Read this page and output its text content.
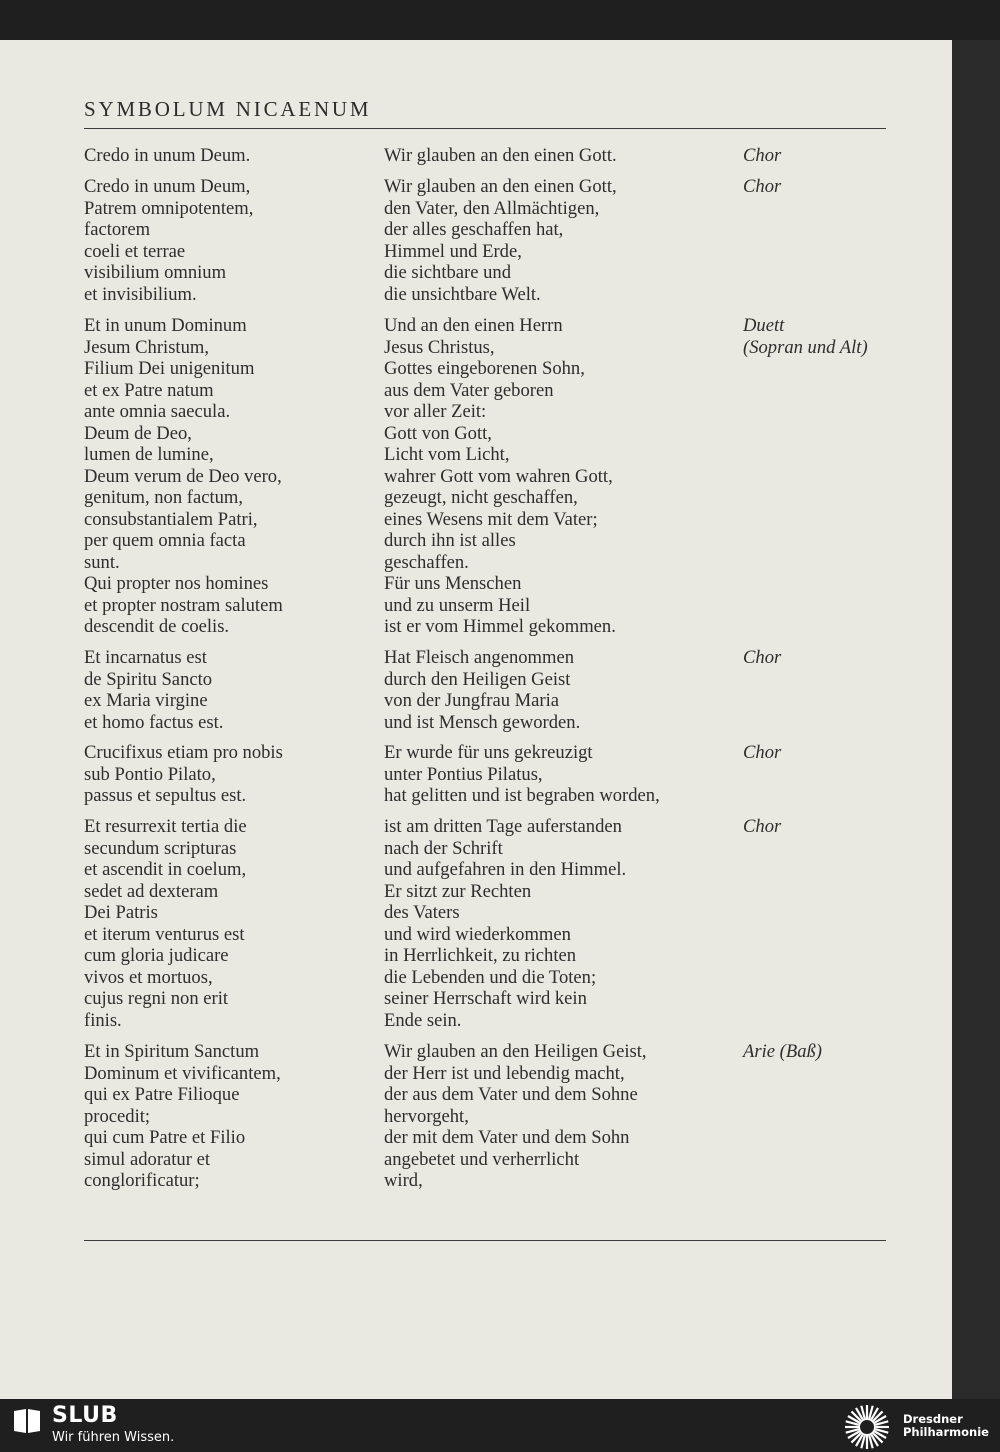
SYMBOLUM NICAENUM
Credo in unum Deum.	Wir glauben an den einen Gott.	Chor
Credo in unum Deum,
Patrem omnipotentem,
factorem
coeli et terrae
visibilium omnium
et invisibilium.
Wir glauben an den einen Gott,
den Vater, den Allmächtigen,
der alles geschaffen hat,
Himmel und Erde,
die sichtbare und
die unsichtbare Welt.
Chor
Et in unum Dominum
Jesum Christum,
Filium Dei unigenitum
et ex Patre natum
ante omnia saecula.
Deum de Deo,
lumen de lumine,
Deum verum de Deo vero,
genitum, non factum,
consubstantialem Patri,
per quem omnia facta
sunt.
Qui propter nos homines
et propter nostram salutem
descendit de coelis.
Und an den einen Herrn
Jesus Christus,
Gottes eingeborenen Sohn,
aus dem Vater geboren
vor aller Zeit:
Gott von Gott,
Licht vom Licht,
wahrer Gott vom wahren Gott,
gezeugt, nicht geschaffen,
eines Wesens mit dem Vater;
durch ihn ist alles
geschaffen.
Für uns Menschen
und zu unserm Heil
ist er vom Himmel gekommen.
Duett
(Sopran und Alt)
Et incarnatus est
de Spiritu Sancto
ex Maria virgine
et homo factus est.
Hat Fleisch angenommen
durch den Heiligen Geist
von der Jungfrau Maria
und ist Mensch geworden.
Chor
Crucifixus etiam pro nobis
sub Pontio Pilato,
passus et sepultus est.
Er wurde für uns gekreuzigt
unter Pontius Pilatus,
hat gelitten und ist begraben worden,
Chor
Et resurrexit tertia die
secundum scripturas
et ascendit in coelum,
sedet ad dexteram
Dei Patris
et iterum venturus est
cum gloria judicare
vivos et mortuos,
cujus regni non erit
finis.
ist am dritten Tage auferstanden
nach der Schrift
und aufgefahren in den Himmel.
Er sitzt zur Rechten
des Vaters
und wird wiederkommen
in Herrlichkeit, zu richten
die Lebenden und die Toten;
seiner Herrschaft wird kein
Ende sein.
Chor
Et in Spiritum Sanctum
Dominum et vivificantem,
qui ex Patre Filioque
procedit;
qui cum Patre et Filio
simul adoratur et
conglorificatur;
Wir glauben an den Heiligen Geist,
der Herr ist und lebendig macht,
der aus dem Vater und dem Sohne
hervorgeht,
der mit dem Vater und dem Sohn
angebetet und verherrlicht
wird,
Arie (Baß)
SLUB
Wir führen Wissen.
Dresdner
Philharmonie
